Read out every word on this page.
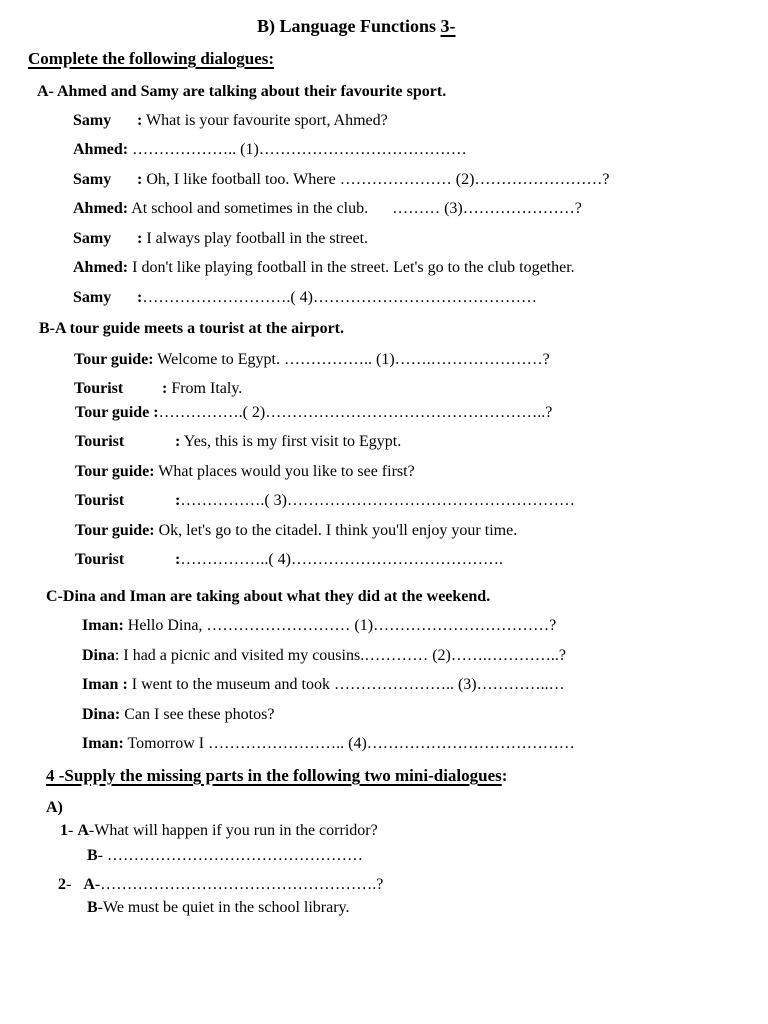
B) Language Functions 3-
Complete the following dialogues:
A- Ahmed and Samy are talking about their favourite sport.
Samy : What is your favourite sport, Ahmed?
Ahmed: ……………….. (1)…………………………………
Samy : Oh, I like football too. Where ………………… (2)……………………?
Ahmed: At school and sometimes in the club.      ……… (3)…………………?
Samy : I always play football in the street.
Ahmed: I don't like playing football in the street. Let's go to the club together.
Samy :……………………….( 4)……………………………………
B-A tour guide meets a tourist at the airport.
Tour guide: Welcome to Egypt. …………….. (1)…….…………………?
Tourist : From Italy.
Tour guide :…………….( 2)……………………………………………..?
Tourist	: Yes, this is my first visit to Egypt.
Tour guide: What places would you like to see first?
Tourist	:…………….( 3)………………………………………………
Tour guide: Ok, let's go to the citadel. I think you'll enjoy your time.
Tourist	:……………..( 4)………………………………….
C-Dina and Iman are taking about what they did at the weekend.
Iman: Hello Dina, ……………………… (1)……………………………?
Dina: I had a picnic and visited my cousins.………… (2)…….…………..?
Iman : I went to the museum and took ………………….. (3)…………..…
Dina: Can I see these photos?
Iman: Tomorrow I …………………….. (4)…………………………………
4 -Supply the missing parts in the following two mini-dialogues:
A)
1- A-What will happen if you run in the corridor?
B- …………………………………………
2-   A-…………………………………………….?
B-We must be quiet in the school library.
